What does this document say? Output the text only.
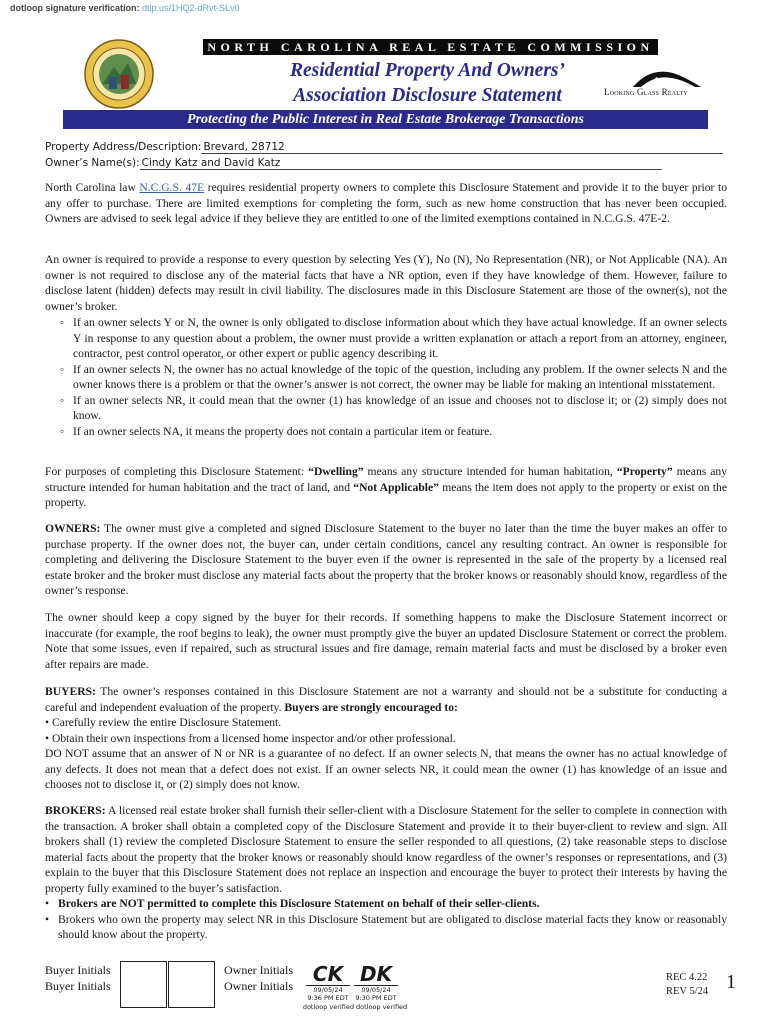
dotloop signature verification: dtlp.us/1HQ2-dRvt-SLv0
NORTH CAROLINA REAL ESTATE COMMISSION
Residential Property And Owners’
Association Disclosure Statement	Looking Glass Realty
Protecting the Public Interest in Real Estate Brokerage Transactions
Property Address/Description: Brevard, 28712
Owner’s Name(s): Cindy Katz and David Katz
North Carolina law N.C.G.S. 47E requires residential property owners to complete this Disclosure Statement and provide it to the buyer prior to any offer to purchase. There are limited exemptions for completing the form, such as new home construction that has never been occupied. Owners are advised to seek legal advice if they believe they are entitled to one of the limited exemptions contained in N.C.G.S. 47E-2.
An owner is required to provide a response to every question by selecting Yes (Y), No (N), No Representation (NR), or Not Applicable (NA). An owner is not required to disclose any of the material facts that have a NR option, even if they have knowledge of them. However, failure to disclose latent (hidden) defects may result in civil liability. The disclosures made in this Disclosure Statement are those of the owner(s), not the owner’s broker.
◦ If an owner selects Y or N, the owner is only obligated to disclose information about which they have actual knowledge. If an owner selects Y in response to any question about a problem, the owner must provide a written explanation or attach a report from an attorney, engineer, contractor, pest control operator, or other expert or public agency describing it.
◦ If an owner selects N, the owner has no actual knowledge of the topic of the question, including any problem. If the owner selects N and the owner knows there is a problem or that the owner’s answer is not correct, the owner may be liable for making an intentional misstatement.
◦ If an owner selects NR, it could mean that the owner (1) has knowledge of an issue and chooses not to disclose it; or (2) simply does not know.
◦ If an owner selects NA, it means the property does not contain a particular item or feature.
For purposes of completing this Disclosure Statement: “Dwelling” means any structure intended for human habitation, “Property” means any structure intended for human habitation and the tract of land, and “Not Applicable” means the item does not apply to the property or exist on the property.
OWNERS: The owner must give a completed and signed Disclosure Statement to the buyer no later than the time the buyer makes an offer to purchase property. If the owner does not, the buyer can, under certain conditions, cancel any resulting contract. An owner is responsible for completing and delivering the Disclosure Statement to the buyer even if the owner is represented in the sale of the property by a licensed real estate broker and the broker must disclose any material facts about the property that the broker knows or reasonably should know, regardless of the owner’s response.
The owner should keep a copy signed by the buyer for their records. If something happens to make the Disclosure Statement incorrect or inaccurate (for example, the roof begins to leak), the owner must promptly give the buyer an updated Disclosure Statement or correct the problem. Note that some issues, even if repaired, such as structural issues and fire damage, remain material facts and must be disclosed by a broker even after repairs are made.
BUYERS: The owner’s responses contained in this Disclosure Statement are not a warranty and should not be a substitute for conducting a careful and independent evaluation of the property. Buyers are strongly encouraged to:
• Carefully review the entire Disclosure Statement.
• Obtain their own inspections from a licensed home inspector and/or other professional.
DO NOT assume that an answer of N or NR is a guarantee of no defect. If an owner selects N, that means the owner has no actual knowledge of any defects. It does not mean that a defect does not exist. If an owner selects NR, it could mean the owner (1) has knowledge of an issue and chooses not to disclose it, or (2) simply does not know.
BROKERS: A licensed real estate broker shall furnish their seller-client with a Disclosure Statement for the seller to complete in connection with the transaction. A broker shall obtain a completed copy of the Disclosure Statement and provide it to their buyer-client to review and sign. All brokers shall (1) review the completed Disclosure Statement to ensure the seller responded to all questions, (2) take reasonable steps to disclose material facts about the property that the broker knows or reasonably should know regardless of the owner’s responses or representations, and (3) explain to the buyer that this Disclosure Statement does not replace an inspection and encourage the buyer to protect their interests by having the property fully examined to the buyer’s satisfaction.
• Brokers are NOT permitted to complete this Disclosure Statement on behalf of their seller-clients.
• Brokers who own the property may select NR in this Disclosure Statement but are obligated to disclose material facts they know or reasonably should know about the property.
Buyer Initials
Buyer Initials
Owner Initials
Owner Initials CK
09/05/24
9:36 PM EDT
DK
09/05/24
9:30 PM EDT
dotloop verified dotloop verified
REC 4.22
REV 5/24 1
